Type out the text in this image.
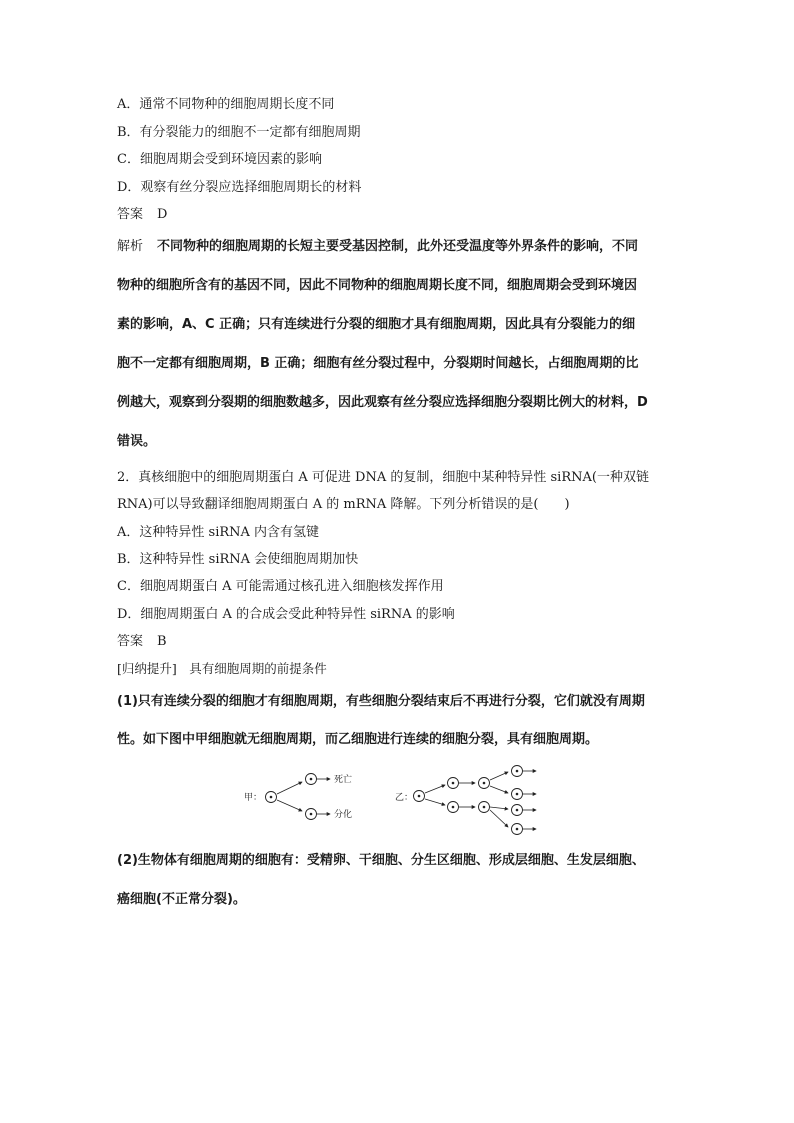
A．通常不同物种的细胞周期长度不同
B．有分裂能力的细胞不一定都有细胞周期
C．细胞周期会受到环境因素的影响
D．观察有丝分裂应选择细胞周期长的材料
答案 D
解析 不同物种的细胞周期的长短主要受基因控制，此外还受温度等外界条件的影响，不同
物种的细胞所含有的基因不同，因此不同物种的细胞周期长度不同，细胞周期会受到环境因
素的影响，A、C 正确；只有连续进行分裂的细胞才具有细胞周期，因此具有分裂能力的细
胞不一定都有细胞周期，B 正确；细胞有丝分裂过程中，分裂期时间越长，占细胞周期的比
例越大，观察到分裂期的细胞数越多，因此观察有丝分裂应选择细胞分裂期比例大的材料，D
错误。
2．真核细胞中的细胞周期蛋白 A 可促进 DNA 的复制，细胞中某种特异性 siRNA(一种双链
RNA)可以导致翻译细胞周期蛋白 A 的 mRNA 降解。下列分析错误的是(　　)
A．这种特异性 siRNA 内含有氢键
B．这种特异性 siRNA 会使细胞周期加快
C．细胞周期蛋白 A 可能需通过核孔进入细胞核发挥作用
D．细胞周期蛋白 A 的合成会受此种特异性 siRNA 的影响
答案 B
[归纳提升]　具有细胞周期的前提条件
(1)只有连续分裂的细胞才有细胞周期，有些细胞分裂结束后不再进行分裂，它们就没有周期
性。如下图中甲细胞就无细胞周期，而乙细胞进行连续的细胞分裂，具有细胞周期。
甲：
死亡
分化
乙：
(2)生物体有细胞周期的细胞有：受精卵、干细胞、分生区细胞、形成层细胞、生发层细胞、
癌细胞(不正常分裂)。
